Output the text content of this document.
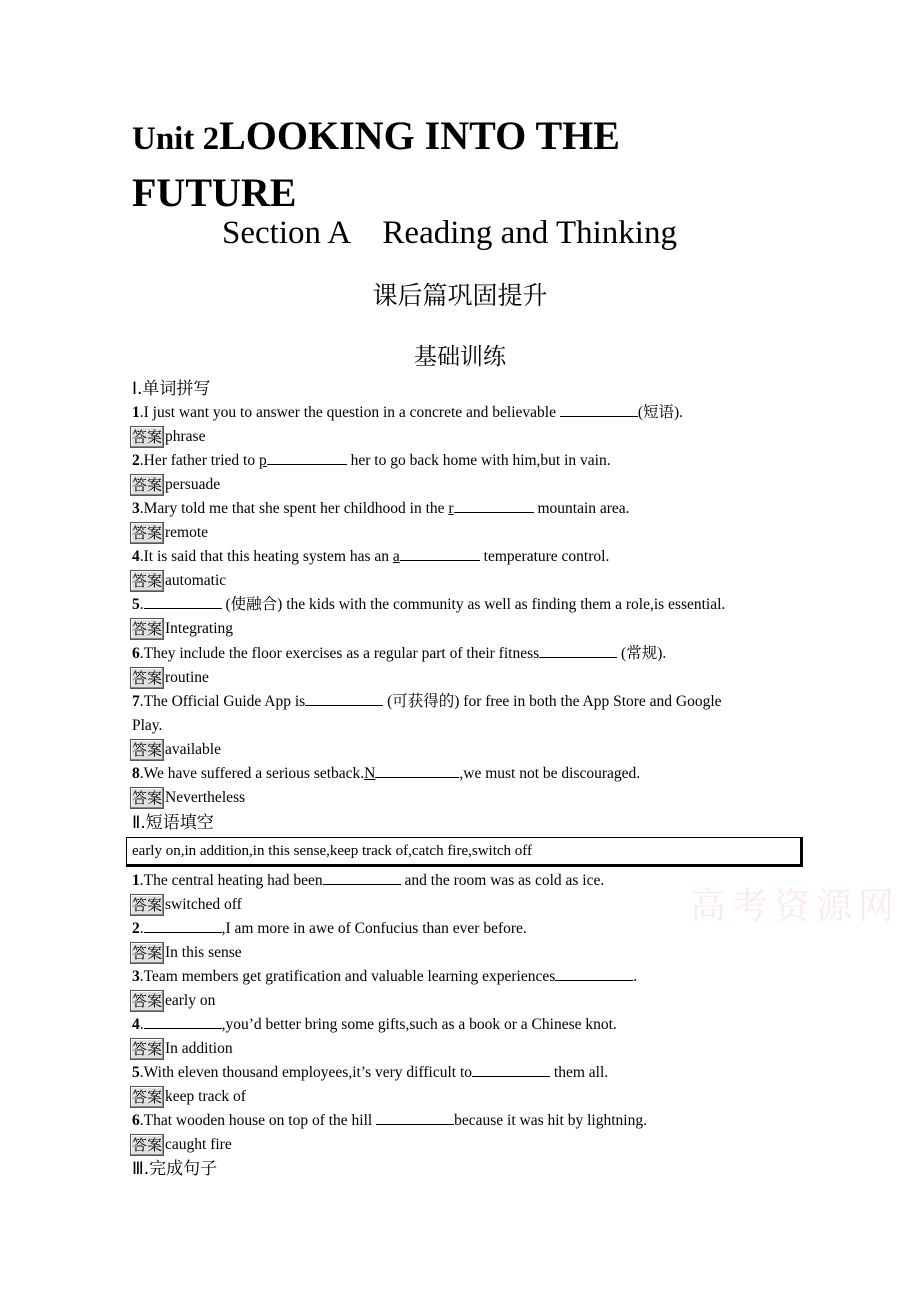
Unit 2LOOKING INTO THE
FUTURE
Section A    Reading and Thinking
课后篇巩固提升
基础训练
Ⅰ.单词拼写
1.I just want you to answer the question in a concrete and believable	(短语).
答案 phrase
2.Her father tried to p	her to go back home with him,but in vain.
答案 persuade
3.Mary told me that she spent her childhood in the r	mountain area.
答案 remote
4.It is said that this heating system has an a	temperature control.
答案 automatic
5.	(使融合) the kids with the community as well as finding them a role,is essential.
答案 Integrating
6.They include the floor exercises as a regular part of their fitness	(常规).
答案 routine
7.The Official Guide App is	(可获得的) for free in both the App Store and Google
Play.
答案 available
8.We have suffered a serious setback.N	,we must not be discouraged.
答案 Nevertheless
Ⅱ.短语填空
early on,in addition,in this sense,keep track of,catch fire,switch off
高考资源网
1.The central heating had been	and the room was as cold as ice.
答案 switched off
2.	,I am more in awe of Confucius than ever before.
答案 In this sense
3.Team members get gratification and valuable learning experiences	.
答案 early on
4.	,you’d better bring some gifts,such as a book or a Chinese knot.
答案 In addition
5.With eleven thousand employees,it’s very difficult to	them all.
答案 keep track of
6.That wooden house on top of the hill	because it was hit by lightning.
答案 caught fire
Ⅲ.完成句子
